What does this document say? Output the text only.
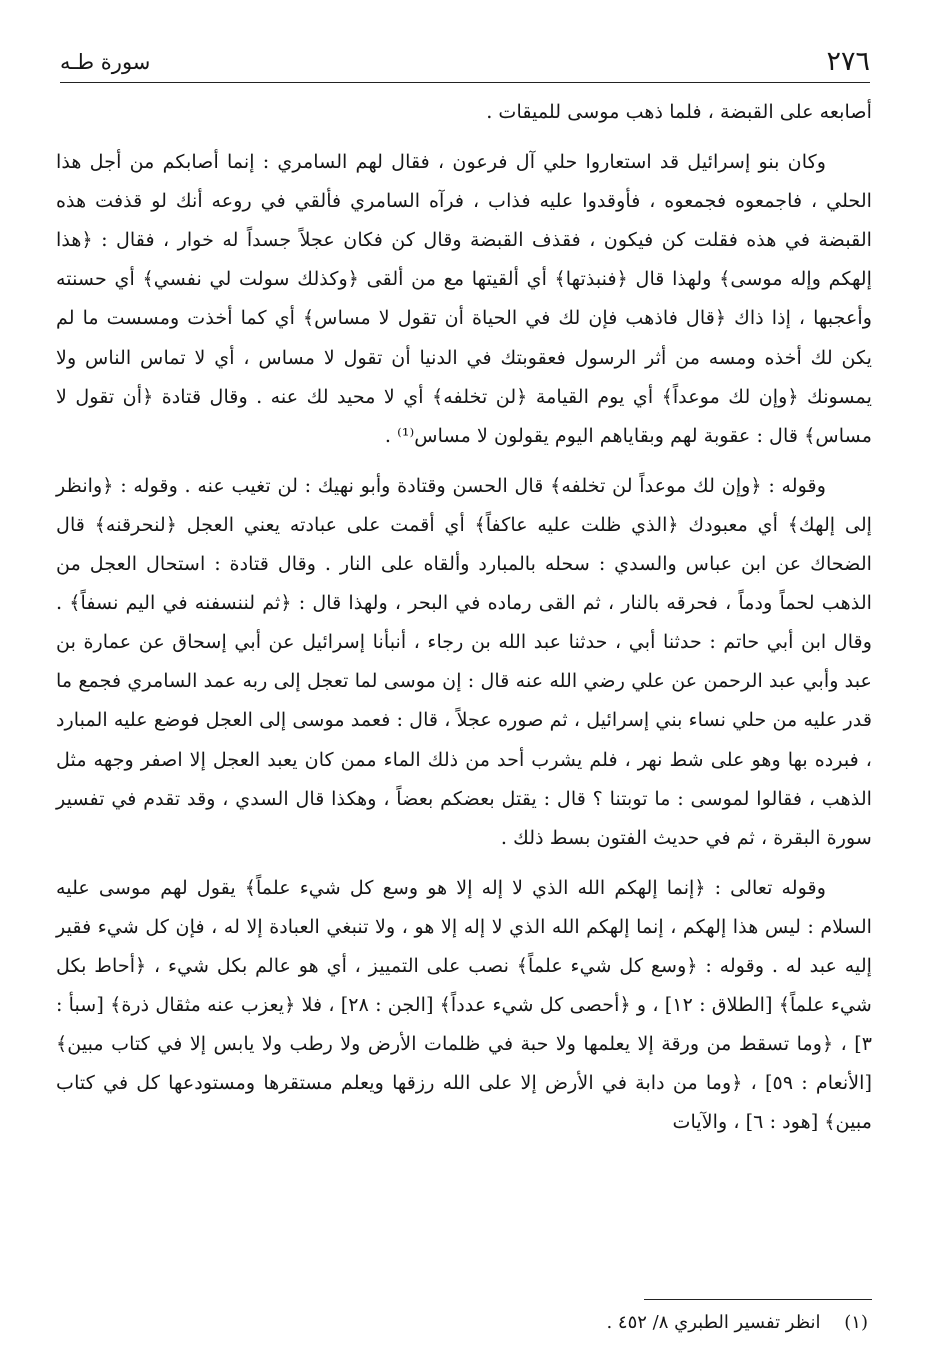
٢٧٦
سورة طـه

أصابعه على القبضة ، فلما ذهب موسى للميقات .

وكان بنو إسرائيل قد استعاروا حلي آل فرعون ، فقال لهم السامري : إنما أصابكم من أجل هذا الحلي ، فاجمعوه فجمعوه ، فأوقدوا عليه فذاب ، فرآه السامري فألقي في روعه أنك لو قذفت هذه القبضة في هذه فقلت كن فيكون ، فقذف القبضة وقال كن فكان عجلاً جسداً له خوار ، فقال : ﴿هذا إلهكم وإله موسى﴾ ولهذا قال ﴿فنبذتها﴾ أي ألقيتها مع من ألقى ﴿وكذلك سولت لي نفسي﴾ أي حسنته وأعجبها ، إذا ذاك ﴿قال فاذهب فإن لك في الحياة أن تقول لا مساس﴾ أي كما أخذت ومسست ما لم يكن لك أخذه ومسه من أثر الرسول فعقوبتك في الدنيا أن تقول لا مساس ، أي لا تماس الناس ولا يمسونك ﴿وإن لك موعداً﴾ أي يوم القيامة ﴿لن تخلفه﴾ أي لا محيد لك عنه . وقال قتادة ﴿أن تقول لا مساس﴾ قال : عقوبة لهم وبقاياهم اليوم يقولون لا مساس⁽¹⁾ .

وقوله : ﴿وإن لك موعداً لن تخلفه﴾ قال الحسن وقتادة وأبو نهيك : لن تغيب عنه . وقوله : ﴿وانظر إلى إلهك﴾ أي معبودك ﴿الذي ظلت عليه عاكفاً﴾ أي أقمت على عبادته يعني العجل ﴿لنحرقنه﴾ قال الضحاك عن ابن عباس والسدي : سحله بالمبارد وألقاه على النار . وقال قتادة : استحال العجل من الذهب لحماً ودماً ، فحرقه بالنار ، ثم القى رماده في البحر ، ولهذا قال : ﴿ثم لننسفنه في اليم نسفاً﴾ . وقال ابن أبي حاتم : حدثنا أبي ، حدثنا عبد الله بن رجاء ، أنبأنا إسرائيل عن أبي إسحاق عن عمارة بن عبد وأبي عبد الرحمن عن علي رضي الله عنه قال : إن موسى لما تعجل إلى ربه عمد السامري فجمع ما قدر عليه من حلي نساء بني إسرائيل ، ثم صوره عجلاً ، قال : فعمد موسى إلى العجل فوضع عليه المبارد ، فبرده بها وهو على شط نهر ، فلم يشرب أحد من ذلك الماء ممن كان يعبد العجل إلا اصفر وجهه مثل الذهب ، فقالوا لموسى : ما توبتنا ؟ قال : يقتل بعضكم بعضاً ، وهكذا قال السدي ، وقد تقدم في تفسير سورة البقرة ، ثم في حديث الفتون بسط ذلك .

وقوله تعالى : ﴿إنما إلهكم الله الذي لا إله إلا هو وسع كل شيء علماً﴾ يقول لهم موسى عليه السلام : ليس هذا إلهكم ، إنما إلهكم الله الذي لا إله إلا هو ، ولا تنبغي العبادة إلا له ، فإن كل شيء فقير إليه عبد له . وقوله : ﴿وسع كل شيء علماً﴾ نصب على التمييز ، أي هو عالم بكل شيء ، ﴿أحاط بكل شيء علماً﴾ [الطلاق : ١٢] ، و ﴿أحصى كل شيء عدداً﴾ [الجن : ٢٨] ، فلا ﴿يعزب عنه مثقال ذرة﴾ [سبأ : ٣] ، ﴿وما تسقط من ورقة إلا يعلمها ولا حبة في ظلمات الأرض ولا رطب ولا يابس إلا في كتاب مبين﴾ [الأنعام : ٥٩] ، ﴿وما من دابة في الأرض إلا على الله رزقها ويعلم مستقرها ومستودعها كل في كتاب مبين﴾ [هود : ٦] ، والآيات

(١) انظر تفسير الطبري ٨/ ٤٥٢ .
